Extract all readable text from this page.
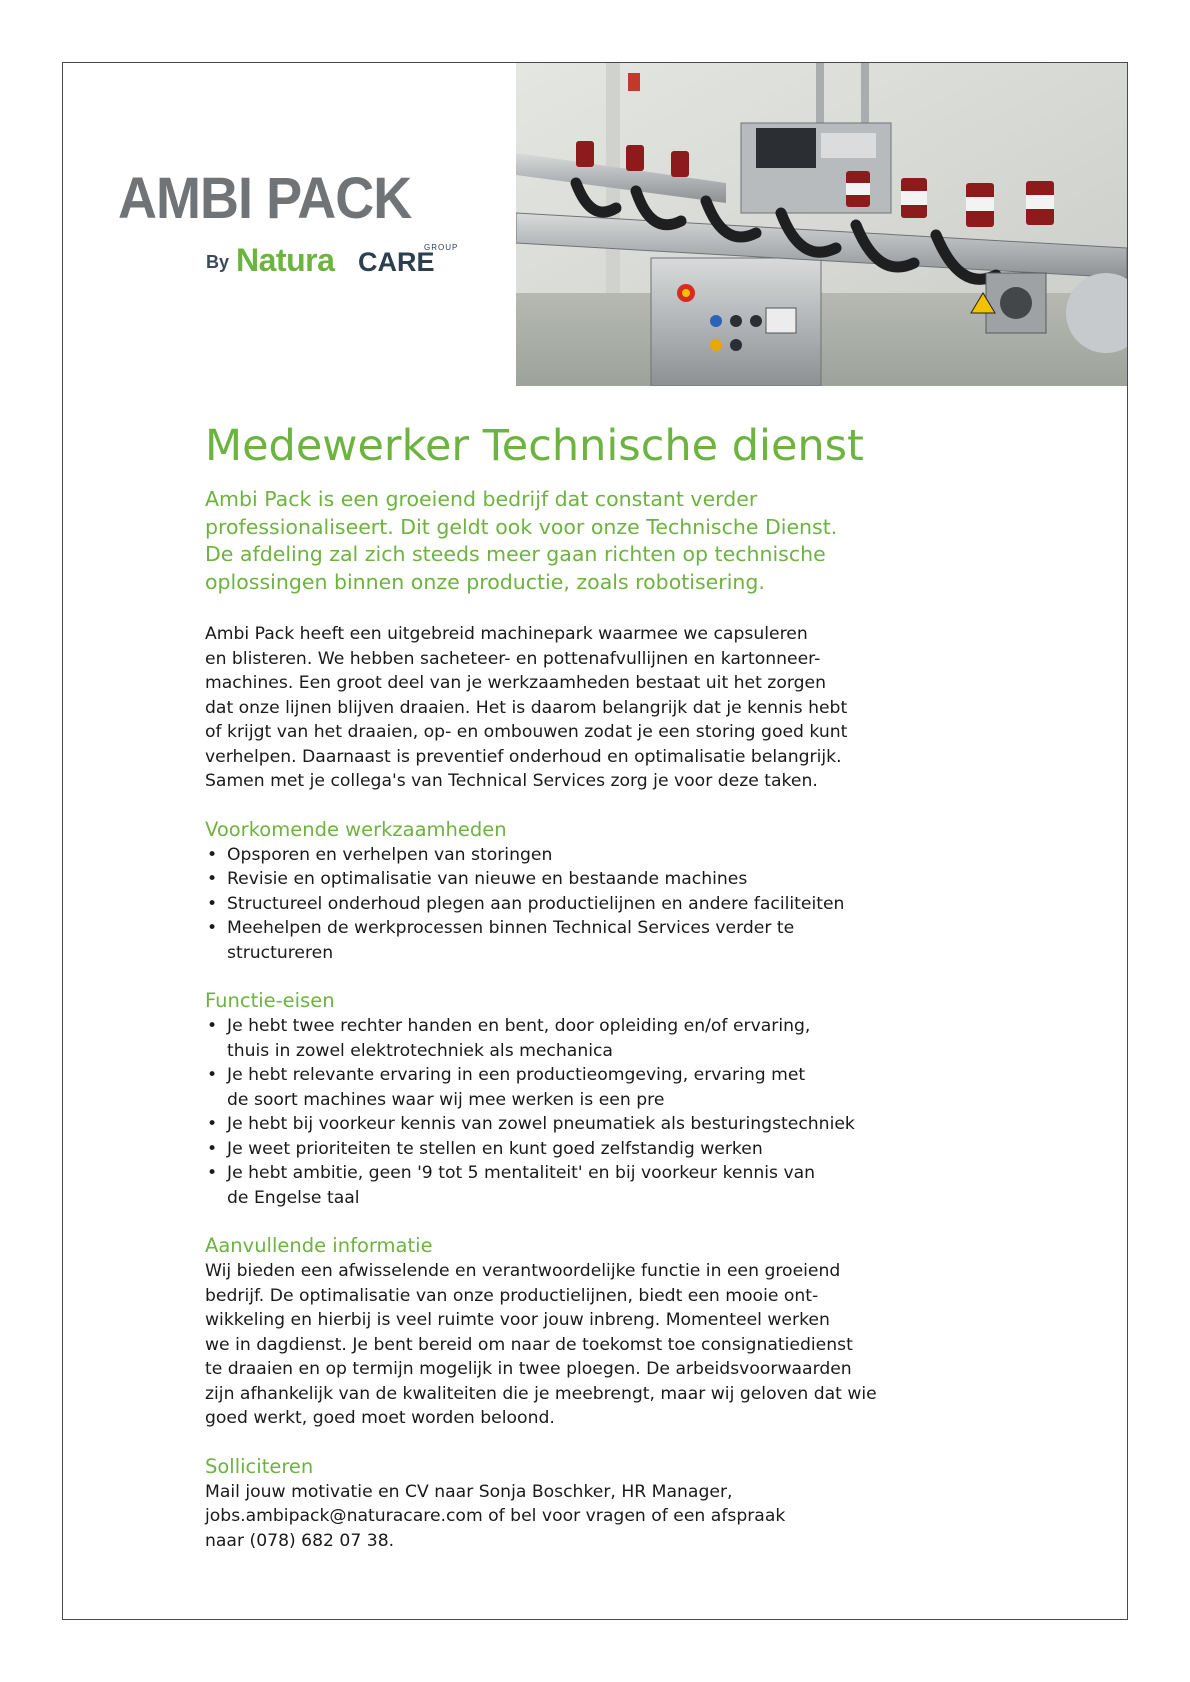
AMBI PACK
By Natura CARE
GROUP
Medewerker Technische dienst

Ambi Pack is een groeiend bedrijf dat constant verder
professionaliseert. Dit geldt ook voor onze Technische Dienst.
De afdeling zal zich steeds meer gaan richten op technische
oplossingen binnen onze productie, zoals robotisering.

Ambi Pack heeft een uitgebreid machinepark waarmee we capsuleren
en blisteren. We hebben sacheteer- en pottenafvullijnen en kartonneer-
machines. Een groot deel van je werkzaamheden bestaat uit het zorgen
dat onze lijnen blijven draaien. Het is daarom belangrijk dat je kennis hebt
of krijgt van het draaien, op- en ombouwen zodat je een storing goed kunt
verhelpen. Daarnaast is preventief onderhoud en optimalisatie belangrijk.
Samen met je collega's van Technical Services zorg je voor deze taken.

Voorkomende werkzaamheden
• Opsporen en verhelpen van storingen
• Revisie en optimalisatie van nieuwe en bestaande machines
• Structureel onderhoud plegen aan productielijnen en andere faciliteiten
• Meehelpen de werkprocessen binnen Technical Services verder te
structureren
Functie-eisen
• Je hebt twee rechter handen en bent, door opleiding en/of ervaring,
thuis in zowel elektrotechniek als mechanica
• Je hebt relevante ervaring in een productieomgeving, ervaring met
de soort machines waar wij mee werken is een pre
• Je hebt bij voorkeur kennis van zowel pneumatiek als besturingstechniek
• Je weet prioriteiten te stellen en kunt goed zelfstandig werken
• Je hebt ambitie, geen '9 tot 5 mentaliteit' en bij voorkeur kennis van
de Engelse taal
Aanvullende informatie

Wij bieden een afwisselende en verantwoordelijke functie in een groeiend
bedrijf. De optimalisatie van onze productielijnen, biedt een mooie ont-
wikkeling en hierbij is veel ruimte voor jouw inbreng. Momenteel werken
we in dagdienst. Je bent bereid om naar de toekomst toe consignatiedienst
te draaien en op termijn mogelijk in twee ploegen. De arbeidsvoorwaarden
zijn afhankelijk van de kwaliteiten die je meebrengt, maar wij geloven dat wie
goed werkt, goed moet worden beloond.

Solliciteren

Mail jouw motivatie en CV naar Sonja Boschker, HR Manager,
jobs.ambipack@naturacare.com of bel voor vragen of een afspraak
naar (078) 682 07 38.
